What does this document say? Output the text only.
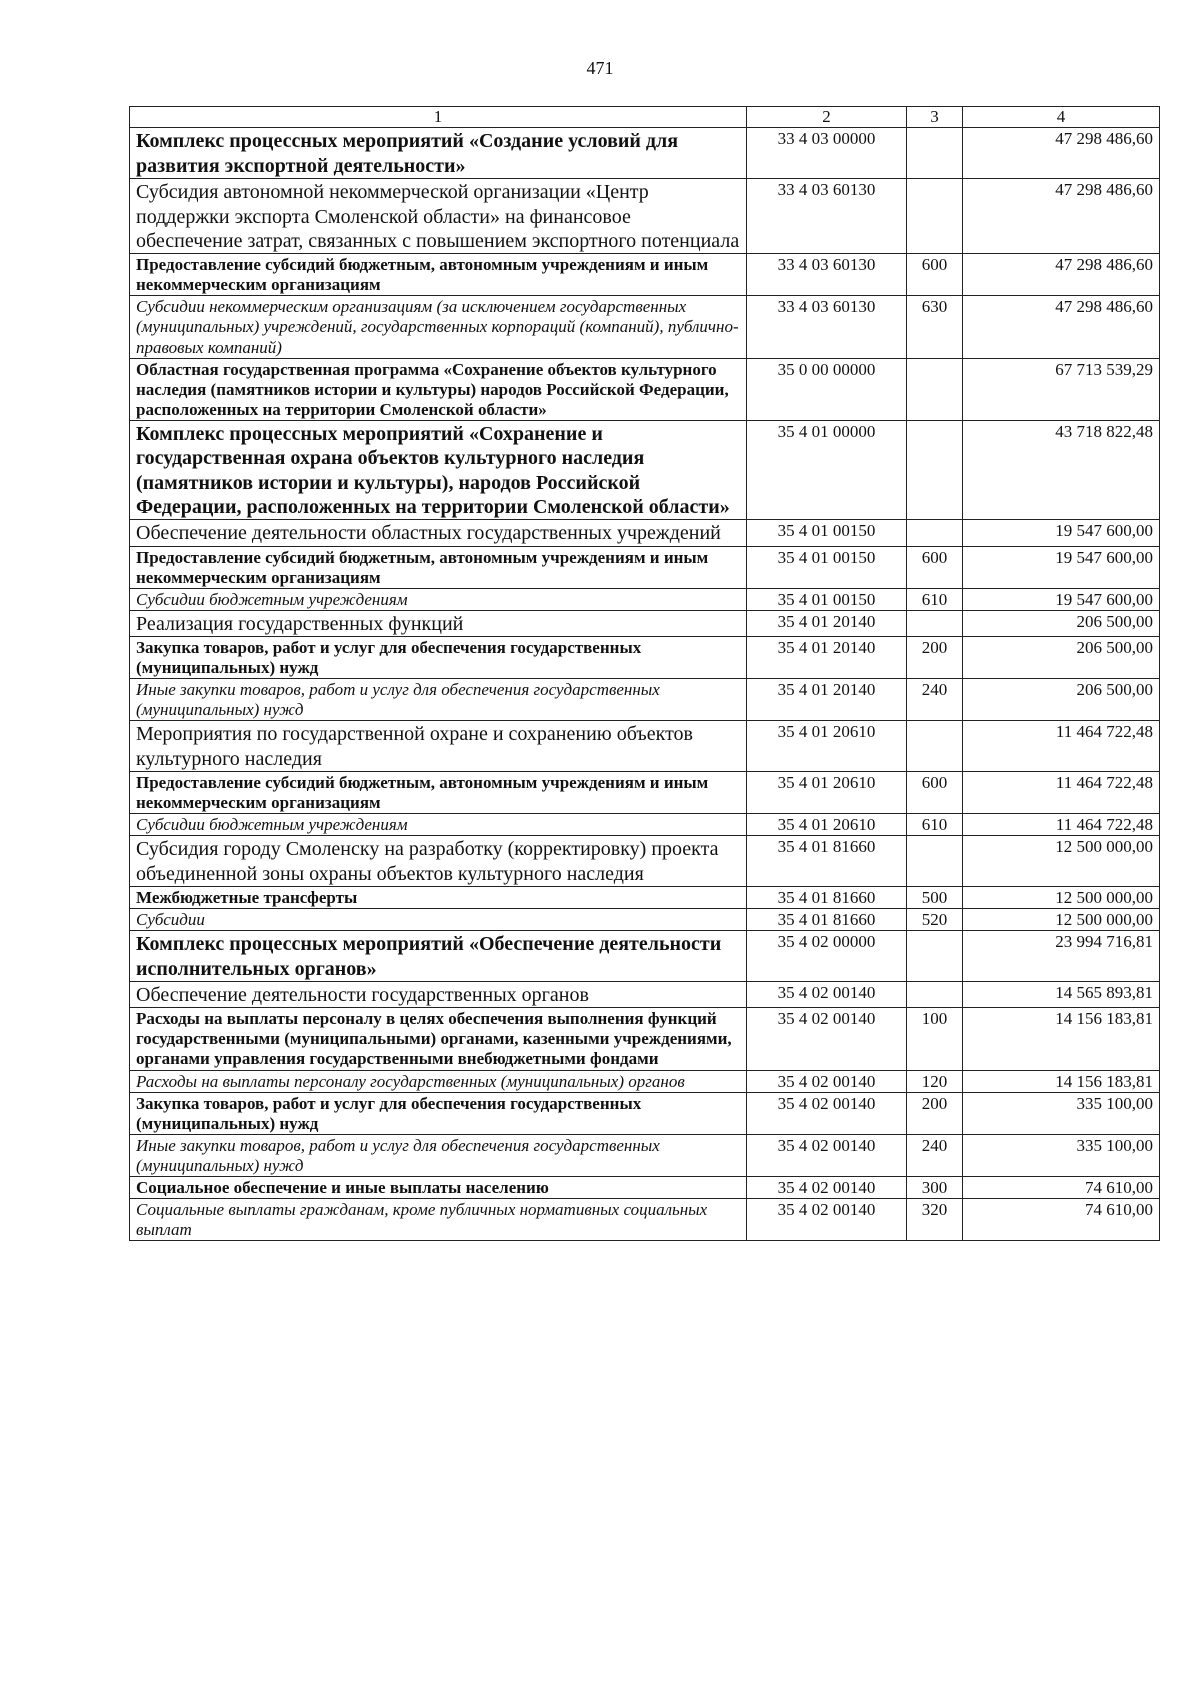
471
1	2	3	4
Комплекс процессных мероприятий «Создание условий для развития экспортной деятельности»	33 4 03 00000		47 298 486,60
Субсидия автономной некоммерческой организации «Центр поддержки экспорта Смоленской области» на финансовое обеспечение затрат, связанных с повышением экспортного потенциала	33 4 03 60130		47 298 486,60
Предоставление субсидий бюджетным, автономным учреждениям и иным некоммерческим организациям	33 4 03 60130	600	47 298 486,60
Субсидии некоммерческим организациям (за исключением государственных (муниципальных) учреждений, государственных корпораций (компаний), публично-правовых компаний)	33 4 03 60130	630	47 298 486,60
Областная государственная программа «Сохранение объектов культурного наследия (памятников истории и культуры) народов Российской Федерации, расположенных на территории Смоленской области»	35 0 00 00000		67 713 539,29
Комплекс процессных мероприятий «Сохранение и государственная охрана объектов культурного наследия (памятников истории и культуры), народов Российской Федерации, расположенных на территории Смоленской области»	35 4 01 00000		43 718 822,48
Обеспечение деятельности областных государственных учреждений	35 4 01 00150		19 547 600,00
Предоставление субсидий бюджетным, автономным учреждениям и иным некоммерческим организациям	35 4 01 00150	600	19 547 600,00
Субсидии бюджетным учреждениям	35 4 01 00150	610	19 547 600,00
Реализация государственных функций	35 4 01 20140		206 500,00
Закупка товаров, работ и услуг для обеспечения государственных (муниципальных) нужд	35 4 01 20140	200	206 500,00
Иные закупки товаров, работ и услуг для обеспечения государственных (муниципальных) нужд	35 4 01 20140	240	206 500,00
Мероприятия по государственной охране и сохранению объектов культурного наследия	35 4 01 20610		11 464 722,48
Предоставление субсидий бюджетным, автономным учреждениям и иным некоммерческим организациям	35 4 01 20610	600	11 464 722,48
Субсидии бюджетным учреждениям	35 4 01 20610	610	11 464 722,48
Субсидия городу Смоленску на разработку (корректировку) проекта объединенной зоны охраны объектов культурного наследия	35 4 01 81660		12 500 000,00
Межбюджетные трансферты	35 4 01 81660	500	12 500 000,00
Субсидии	35 4 01 81660	520	12 500 000,00
Комплекс процессных мероприятий «Обеспечение деятельности исполнительных органов»	35 4 02 00000		23 994 716,81
Обеспечение деятельности государственных органов	35 4 02 00140		14 565 893,81
Расходы на выплаты персоналу в целях обеспечения выполнения функций государственными (муниципальными) органами, казенными учреждениями, органами управления государственными внебюджетными фондами	35 4 02 00140	100	14 156 183,81
Расходы на выплаты персоналу государственных (муниципальных) органов	35 4 02 00140	120	14 156 183,81
Закупка товаров, работ и услуг для обеспечения государственных (муниципальных) нужд	35 4 02 00140	200	335 100,00
Иные закупки товаров, работ и услуг для обеспечения государственных (муниципальных) нужд	35 4 02 00140	240	335 100,00
Социальное обеспечение и иные выплаты населению	35 4 02 00140	300	74 610,00
Социальные выплаты гражданам, кроме публичных нормативных социальных выплат	35 4 02 00140	320	74 610,00
